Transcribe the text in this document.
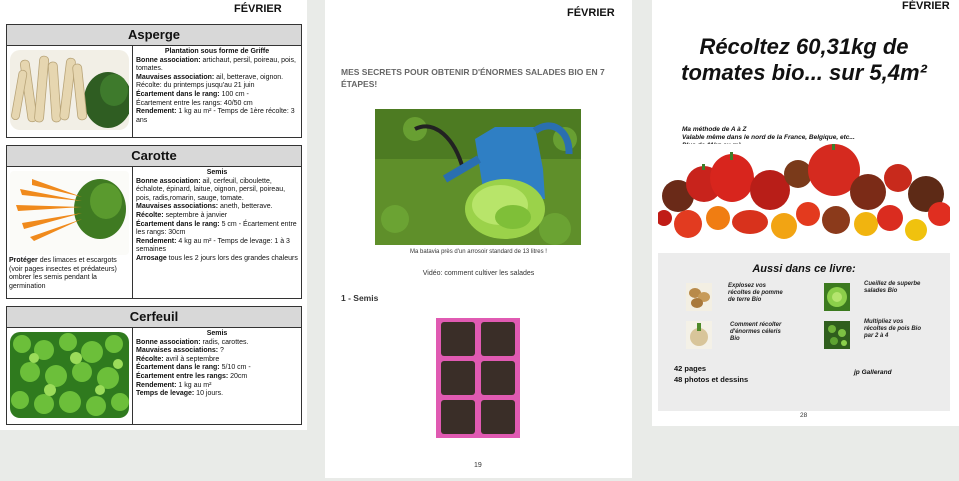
FÉVRIER
Asperge
Plantation sous forme de Griffe
Bonne association: artichaut, persil, poireau, pois, tomates.
Mauvaises association: ail, betterave, oignon.
Récolte: du printemps jusqu'au 21 juin
Écartement dans le rang: 100 cm -
Écartement entre les rangs: 40/50 cm
Rendement: 1 kg au m² - Temps de 1ère récolte: 3 ans
Carotte
Protéger des limaces et escargots (voir pages insectes et prédateurs) ombrer les semis pendant la germination
Semis
Bonne association: ail, cerfeuil, ciboulette, échalote, épinard, laitue, oignon, persil, poireau, pois, radis,romarin, sauge, tomate.
Mauvaises associations: aneth, betterave.
Récolte: septembre à janvier
Écartement dans le rang: 5 cm - Écartement entre les rangs: 30cm
Rendement: 4 kg au m² - Temps de levage: 1 à 3 semaines
Arrosage tous les 2 jours lors des grandes chaleurs
Cerfeuil
Semis
Bonne association: radis, carottes.
Mauvaises associations: ?
Récolte: avril à septembre
Écartement dans le rang: 5/10 cm -
Écartement entre les rangs: 20cm
Rendement: 1 kg au m²
Temps de levage: 10 jours.
FÉVRIER
MES SECRETS POUR OBTENIR D'ÉNORMES SALADES BIO EN 7 ÉTAPES!
Ma batavia près d'un arrosoir standard de 13 litres !
Vidéo: comment cultiver les salades
1 - Semis
19
FÉVRIER
Récoltez 60,31kg de tomates bio... sur 5,4m²
Ma méthode de A à Z
Valable même dans le nord de la France, Belgique, etc...
Aussi dans ce livre:
Explosez vos récoltes de pomme de terre Bio
Cueillez de superbe salades Bio
Comment récolter d'énormes céleris Bio
Multipliez vos récoltes de pois Bio par 2 à 4
42 pages
48 photos et dessins
jp Gallerand
28
